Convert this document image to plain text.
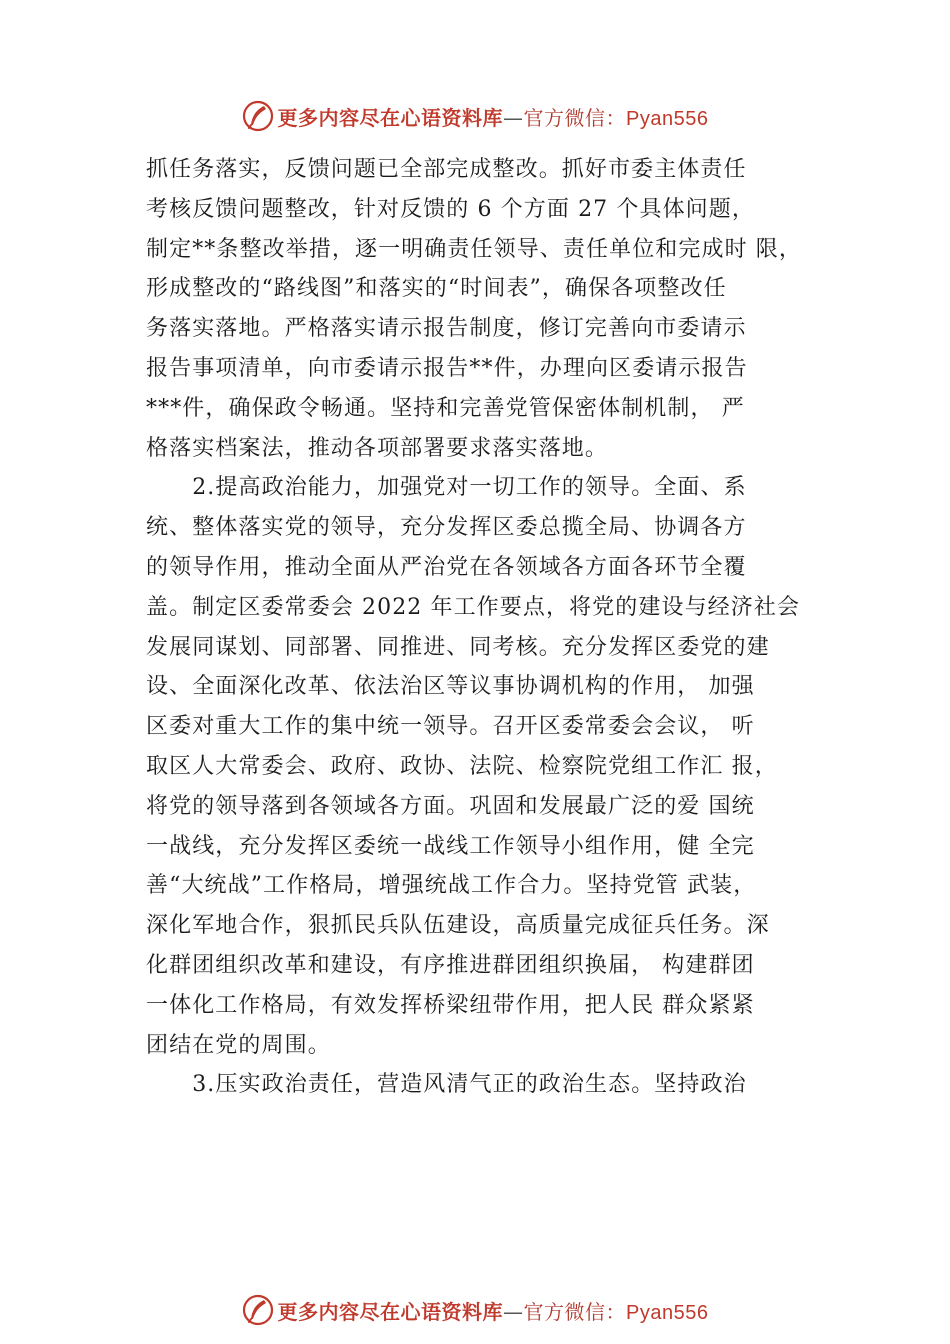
更多内容尽在心语资料库—官方微信：Pyan556
抓任务落实，反馈问题已全部完成整改。抓好市委主体责任
考核反馈问题整改，针对反馈的 6 个方面 27 个具体问题，
制定**条整改举措，逐一明确责任领导、责任单位和完成时 限，
形成整改的“路线图”和落实的“时间表”，确保各项整改任
务落实落地。严格落实请示报告制度，修订完善向市委请示
报告事项清单，向市委请示报告**件，办理向区委请示报告
***件，确保政令畅通。坚持和完善党管保密体制机制， 严
格落实档案法，推动各项部署要求落实落地。
　　2.提高政治能力，加强党对一切工作的领导。全面、系
统、整体落实党的领导，充分发挥区委总揽全局、协调各方
的领导作用，推动全面从严治党在各领域各方面各环节全覆
盖。制定区委常委会 2022 年工作要点，将党的建设与经济社会
发展同谋划、同部署、同推进、同考核。充分发挥区委党的建
设、全面深化改革、依法治区等议事协调机构的作用， 加强
区委对重大工作的集中统一领导。召开区委常委会会议， 听
取区人大常委会、政府、政协、法院、检察院党组工作汇 报，
将党的领导落到各领域各方面。巩固和发展最广泛的爱 国统
一战线，充分发挥区委统一战线工作领导小组作用，健 全完
善“大统战”工作格局，增强统战工作合力。坚持党管 武装，
深化军地合作，狠抓民兵队伍建设，高质量完成征兵任务。深
化群团组织改革和建设，有序推进群团组织换届， 构建群团
一体化工作格局，有效发挥桥梁纽带作用，把人民 群众紧紧
团结在党的周围。
　　3.压实政治责任，营造风清气正的政治生态。坚持政治
更多内容尽在心语资料库—官方微信：Pyan556
